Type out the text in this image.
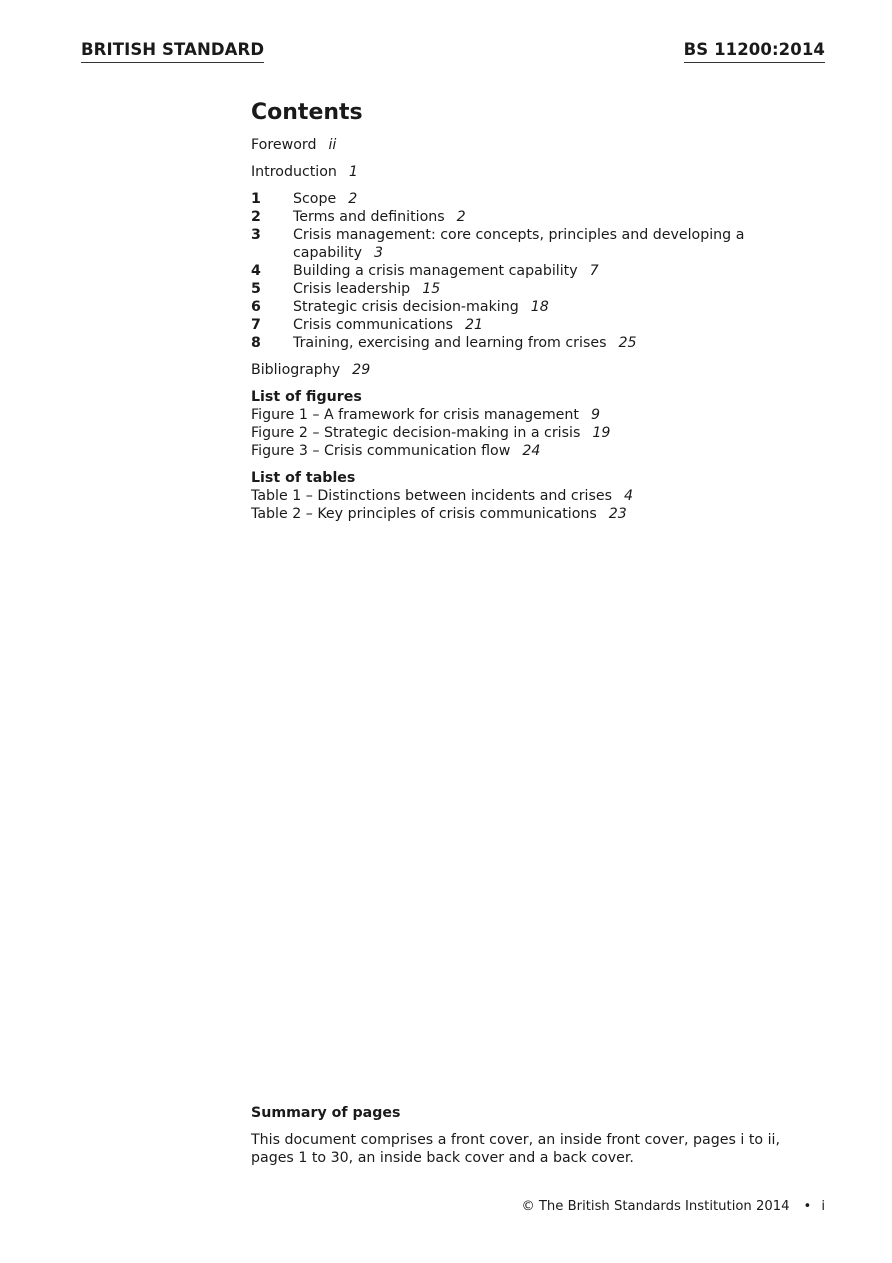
BRITISH STANDARD	BS 11200:2014
Contents
Foreword ii
Introduction 1
1	Scope 2
2	Terms and definitions 2
3	Crisis management: core concepts, principles and developing a capability 3
4	Building a crisis management capability 7
5	Crisis leadership 15
6	Strategic crisis decision-making 18
7	Crisis communications 21
8	Training, exercising and learning from crises 25
Bibliography 29
List of figures
Figure 1 – A framework for crisis management 9
Figure 2 – Strategic decision-making in a crisis 19
Figure 3 – Crisis communication flow 24
List of tables
Table 1 – Distinctions between incidents and crises 4
Table 2 – Key principles of crisis communications 23
Summary of pages
This document comprises a front cover, an inside front cover, pages i to ii, pages 1 to 30, an inside back cover and a back cover.
© The British Standards Institution 2014 • i
